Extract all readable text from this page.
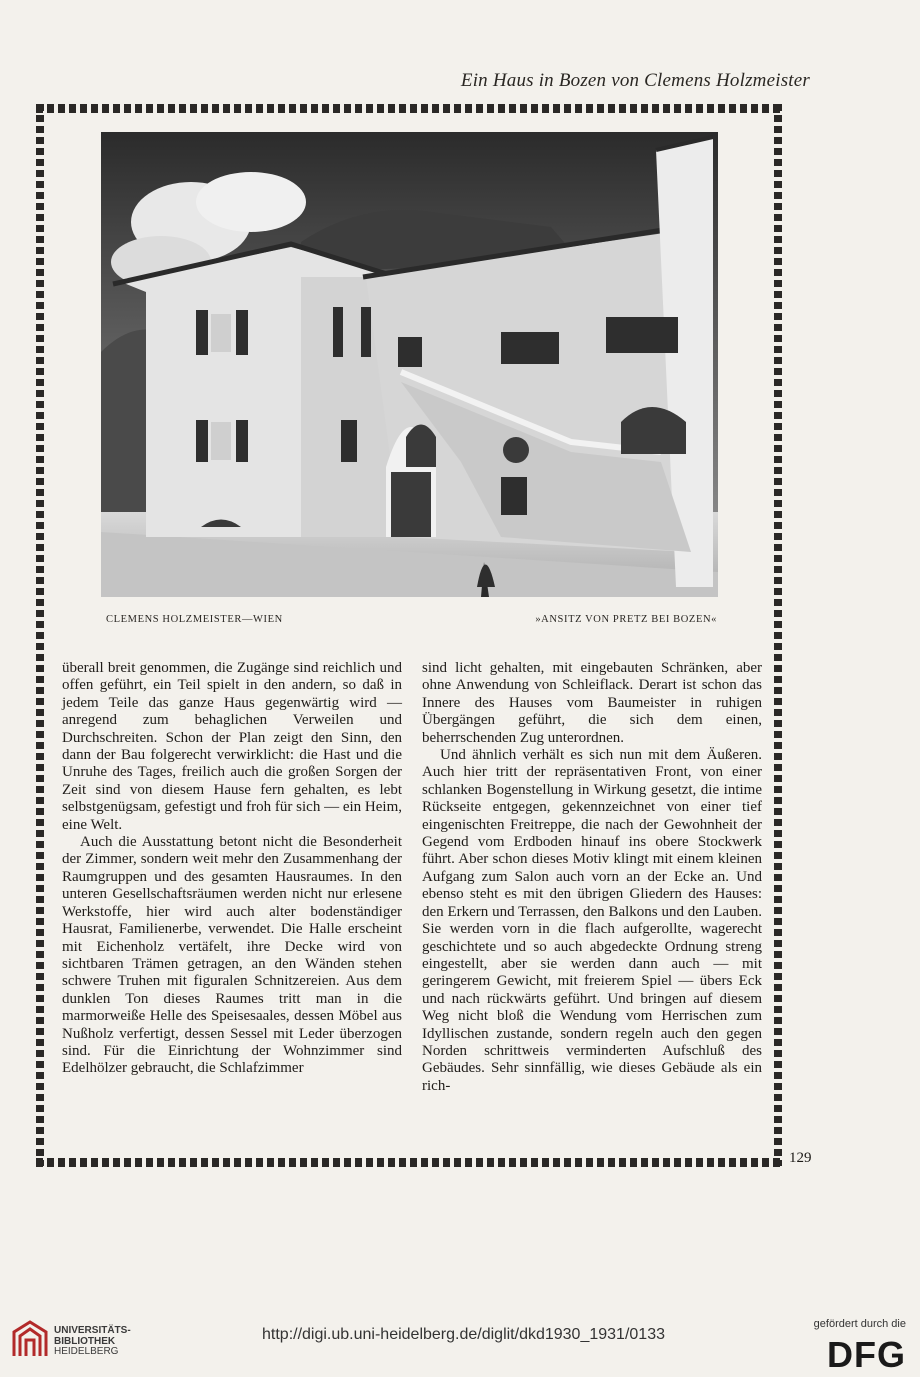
Ein Haus in Bozen von Clemens Holzmeister
CLEMENS HOLZMEISTER—WIEN	»ANSITZ VON PRETZ BEI BOZEN«

überall breit genommen, die Zugänge sind reichlich und offen geführt, ein Teil spielt in den andern, so daß in jedem Teile das ganze Haus gegenwärtig wird — anregend zum behaglichen Verweilen und Durchschreiten. Schon der Plan zeigt den Sinn, den dann der Bau folgerecht verwirklicht: die Hast und die Unruhe des Tages, freilich auch die großen Sorgen der Zeit sind von diesem Hause fern gehalten, es lebt selbstgenügsam, gefestigt und froh für sich — ein Heim, eine Welt.

Auch die Ausstattung betont nicht die Besonderheit der Zimmer, sondern weit mehr den Zusammenhang der Raumgruppen und des gesamten Hausraumes. In den unteren Gesellschaftsräumen werden nicht nur erlesene Werkstoffe, hier wird auch alter bodenständiger Hausrat, Familienerbe, verwendet. Die Halle erscheint mit Eichenholz vertäfelt, ihre Decke wird von sichtbaren Trämen getragen, an den Wänden stehen schwere Truhen mit figuralen Schnitzereien. Aus dem dunklen Ton dieses Raumes tritt man in die marmorweiße Helle des Speisesaales, dessen Möbel aus Nußholz verfertigt, dessen Sessel mit Leder überzogen sind. Für die Einrichtung der Wohnzimmer sind Edelhölzer gebraucht, die Schlafzimmer

sind licht gehalten, mit eingebauten Schränken, aber ohne Anwendung von Schleiflack. Derart ist schon das Innere des Hauses vom Baumeister in ruhigen Übergängen geführt, die sich dem einen, beherrschenden Zug unterordnen.

Und ähnlich verhält es sich nun mit dem Äußeren. Auch hier tritt der repräsentativen Front, von einer schlanken Bogenstellung in Wirkung gesetzt, die intime Rückseite entgegen, gekennzeichnet von einer tief eingenischten Freitreppe, die nach der Gewohnheit der Gegend vom Erdboden hinauf ins obere Stockwerk führt. Aber schon dieses Motiv klingt mit einem kleinen Aufgang zum Salon auch vorn an der Ecke an. Und ebenso steht es mit den übrigen Gliedern des Hauses: den Erkern und Terrassen, den Balkons und den Lauben. Sie werden vorn in die flach aufgerollte, wagerecht geschichtete und so auch abgedeckte Ordnung streng eingestellt, aber sie werden dann auch — mit geringerem Gewicht, mit freierem Spiel — übers Eck und nach rückwärts geführt. Und bringen auf diesem Weg nicht bloß die Wendung vom Herrischen zum Idyllischen zustande, sondern regeln auch den gegen Norden schrittweis verminderten Aufschluß des Gebäudes. Sehr sinnfällig, wie dieses Gebäude als ein rich-

129
UNIVERSITÄTS-
BIBLIOTHEK
HEIDELBERG
http://digi.ub.uni-heidelberg.de/diglit/dkd1930_1931/0133
gefördert durch die
DFG
